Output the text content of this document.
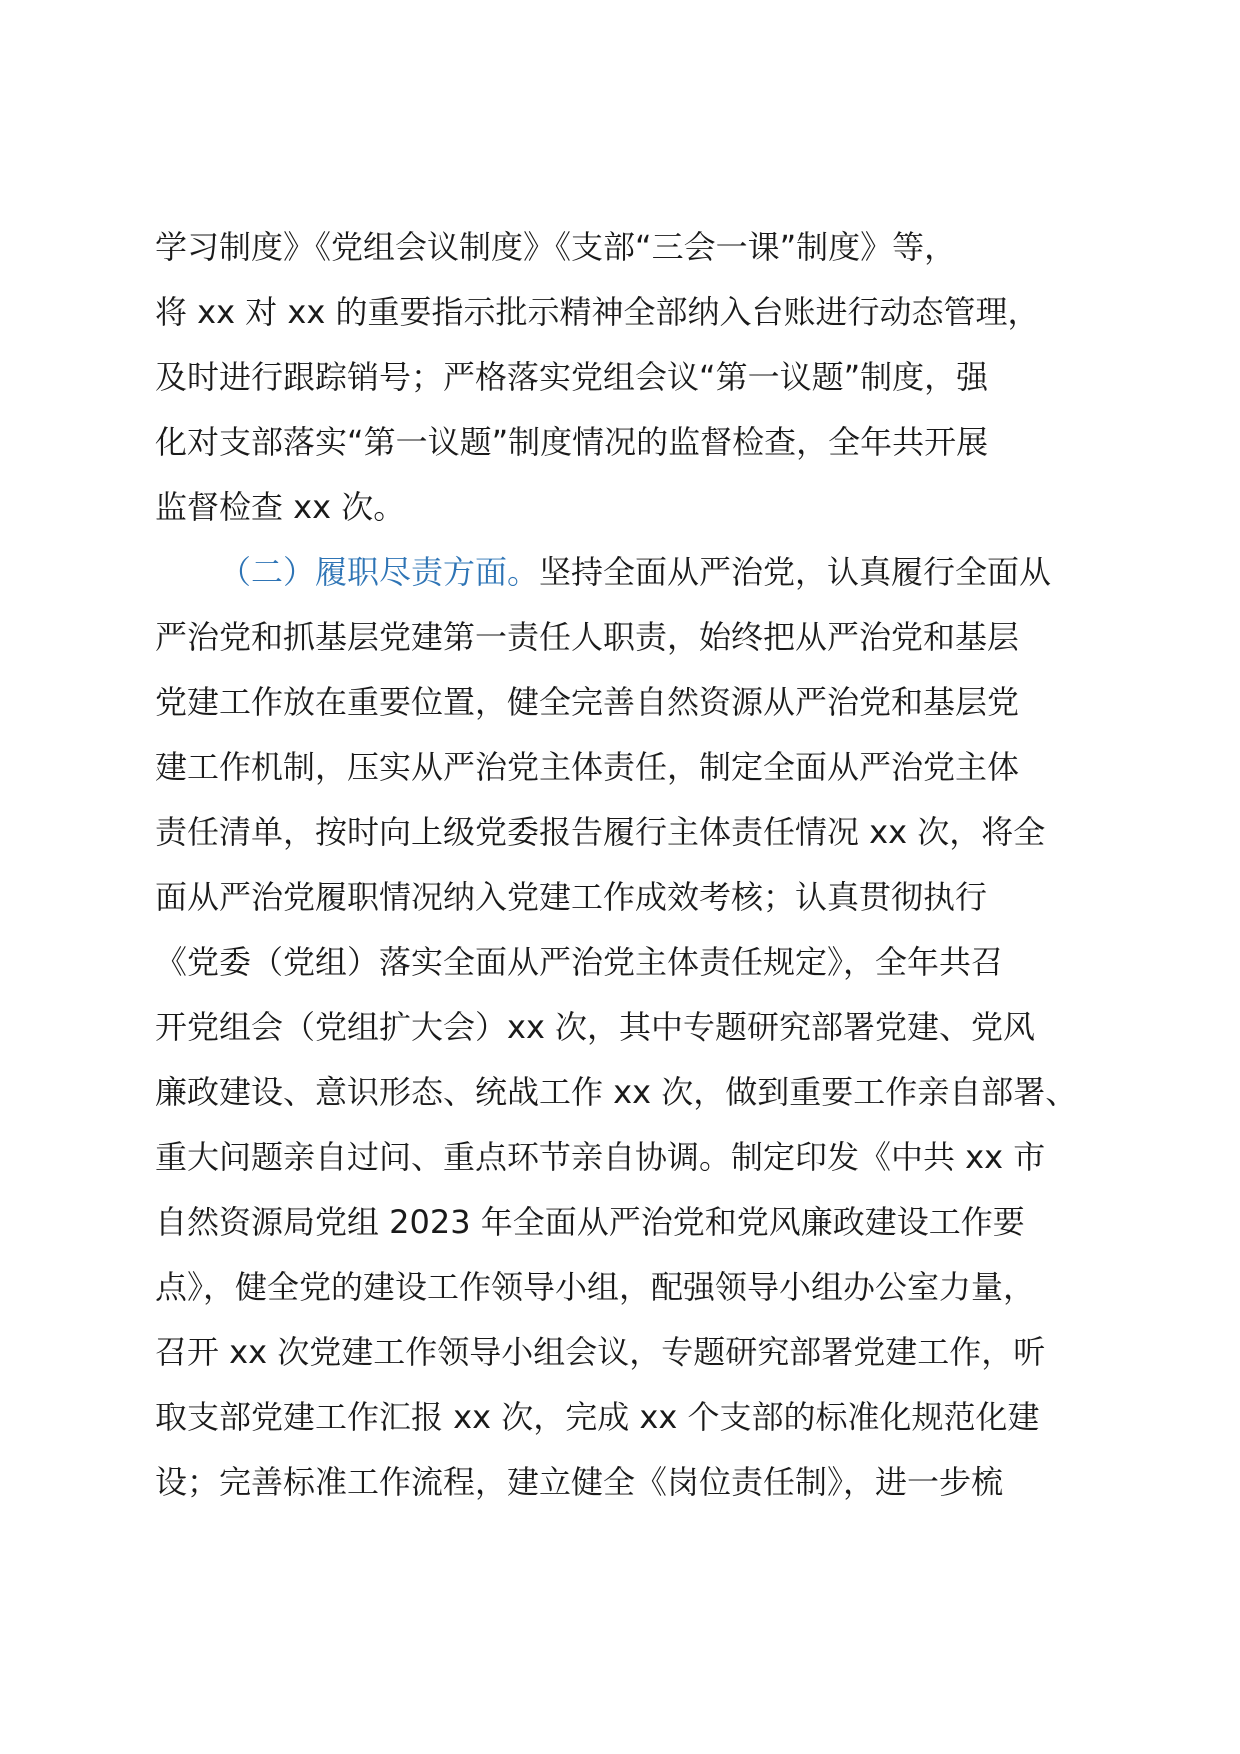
学习制度》《党组会议制度》《支部“三会一课”制度》等，
将 xx 对 xx 的重要指示批示精神全部纳入台账进行动态管理，
及时进行跟踪销号；严格落实党组会议“第一议题”制度，强
化对支部落实“第一议题”制度情况的监督检查，全年共开展
监督检查 xx 次。
（二）履职尽责方面。坚持全面从严治党，认真履行全面从
严治党和抓基层党建第一责任人职责，始终把从严治党和基层
党建工作放在重要位置，健全完善自然资源从严治党和基层党
建工作机制，压实从严治党主体责任，制定全面从严治党主体
责任清单，按时向上级党委报告履行主体责任情况 xx 次，将全
面从严治党履职情况纳入党建工作成效考核；认真贯彻执行
《党委（党组）落实全面从严治党主体责任规定》，全年共召
开党组会（党组扩大会）xx 次，其中专题研究部署党建、党风
廉政建设、意识形态、统战工作 xx 次，做到重要工作亲自部署、
重大问题亲自过问、重点环节亲自协调。制定印发《中共 xx 市
自然资源局党组 2023 年全面从严治党和党风廉政建设工作要
点》，健全党的建设工作领导小组，配强领导小组办公室力量，
召开 xx 次党建工作领导小组会议，专题研究部署党建工作，听
取支部党建工作汇报 xx 次，完成 xx 个支部的标准化规范化建
设；完善标准工作流程，建立健全《岗位责任制》，进一步梳
